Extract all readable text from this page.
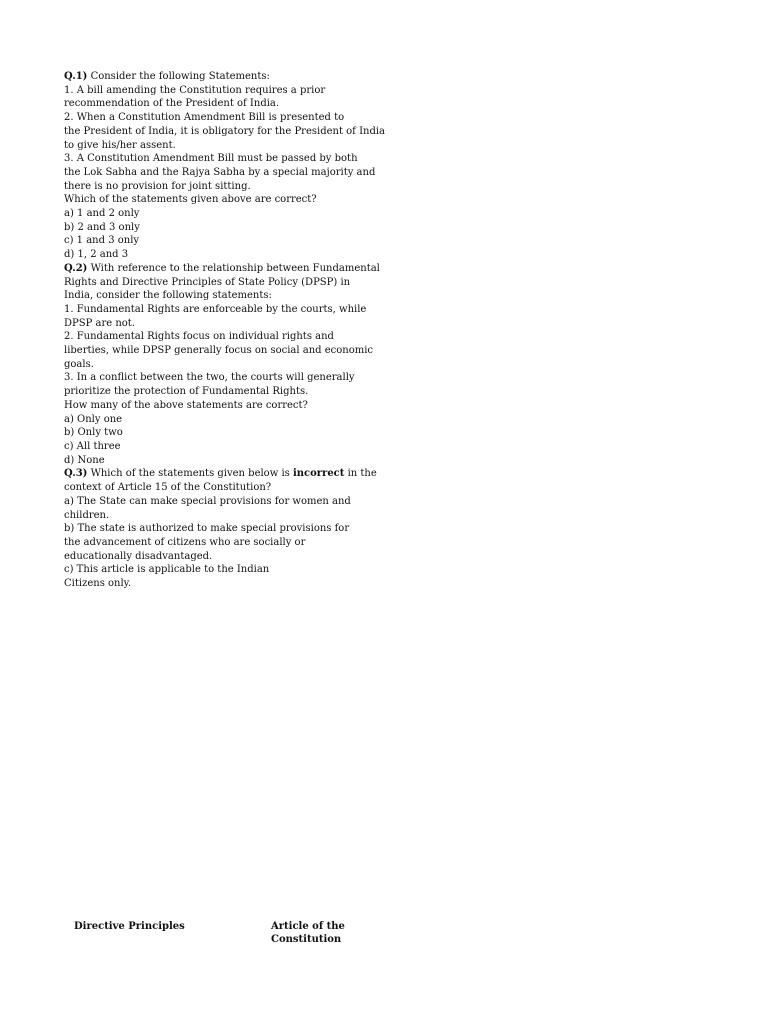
Q.1) Consider the following Statements:
1. A bill amending the Constitution requires a prior
recommendation of the President of India.
2. When a Constitution Amendment Bill is presented to
the President of India, it is obligatory for the President of India
to give his/her assent.
3. A Constitution Amendment Bill must be passed by both
the Lok Sabha and the Rajya Sabha by a special majority and
there is no provision for joint sitting.
Which of the statements given above are correct?
a) 1 and 2 only
b) 2 and 3 only
c) 1 and 3 only
d) 1, 2 and 3
Q.2) With reference to the relationship between Fundamental
Rights and Directive Principles of State Policy (DPSP) in
India, consider the following statements:
1. Fundamental Rights are enforceable by the courts, while
DPSP are not.
2. Fundamental Rights focus on individual rights and
liberties, while DPSP generally focus on social and economic
goals.
3. In a conflict between the two, the courts will generally
prioritize the protection of Fundamental Rights.
How many of the above statements are correct?
a) Only one
b) Only two
c) All three
d) None
Q.3) Which of the statements given below is incorrect in the
context of Article 15 of the Constitution?
a) The State can make special provisions for women and
children.
b) The state is authorized to make special provisions for
the advancement of citizens who are socially or
educationally disadvantaged.
c) This article is applicable to the Indian
Citizens only.
Directive Principles	Article of the
Constitution
